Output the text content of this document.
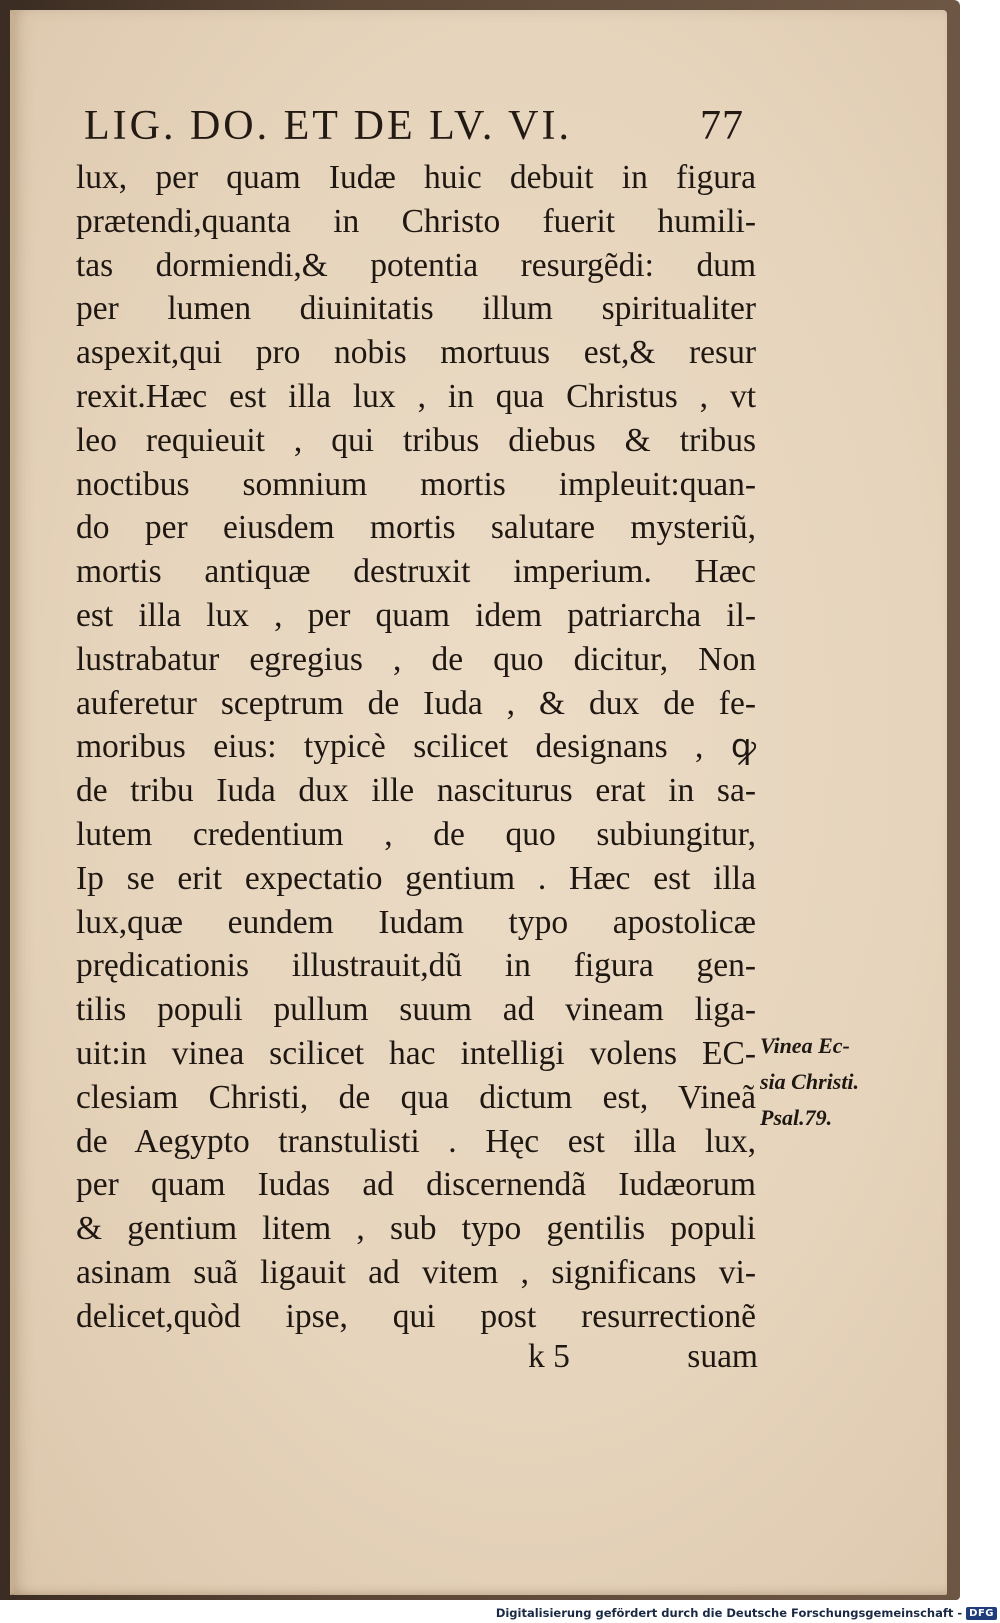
LIG. DO. ET DE LV. VI.	77
lux, per quam Iudæ huic debuit in figura
prætendi,quanta in Christo fuerit humili-
tas dormiendi,& potentia resurgẽdi: dum
per lumen diuinitatis illum spiritualiter
aspexit,qui pro nobis mortuus est,& resur
rexit.Hæc est illa lux , in qua Christus , vt
leo requieuit , qui tribus diebus & tribus
noctibus somnium mortis impleuit:quan-
do per eiusdem mortis salutare mysteriũ,
mortis antiquæ destruxit imperium. Hæc
est illa lux , per quam idem patriarcha il-
lustrabatur egregius , de quo dicitur, Non
auferetur sceptrum de Iuda , & dux de fe-
moribus eius: typicè scilicet designans , ꝙ
de tribu Iuda dux ille nasciturus erat in sa-
lutem credentium , de quo subiungitur,
Ip se erit expectatio gentium . Hæc est illa
lux,quæ eundem Iudam typo apostolicæ
prędicationis illustrauit,dũ in figura gen-
tilis populi pullum suum ad vineam liga-
uit:in vinea scilicet hac intelligi volens EC-
clesiam Christi, de qua dictum est, Vineã
de Aegypto transtulisti . Hęc est illa lux,
per quam Iudas ad discernendã Iudæorum
& gentium litem , sub typo gentilis populi
asinam suã ligauit ad vitem , significans vi-
delicet,quòd ipse, qui post resurrectionẽ
Vinea Ec-
sia Christi.
Psal.79.
k 5	suam
Digitalisierung gefördert durch die Deutsche Forschungsgemeinschaft - DFG
